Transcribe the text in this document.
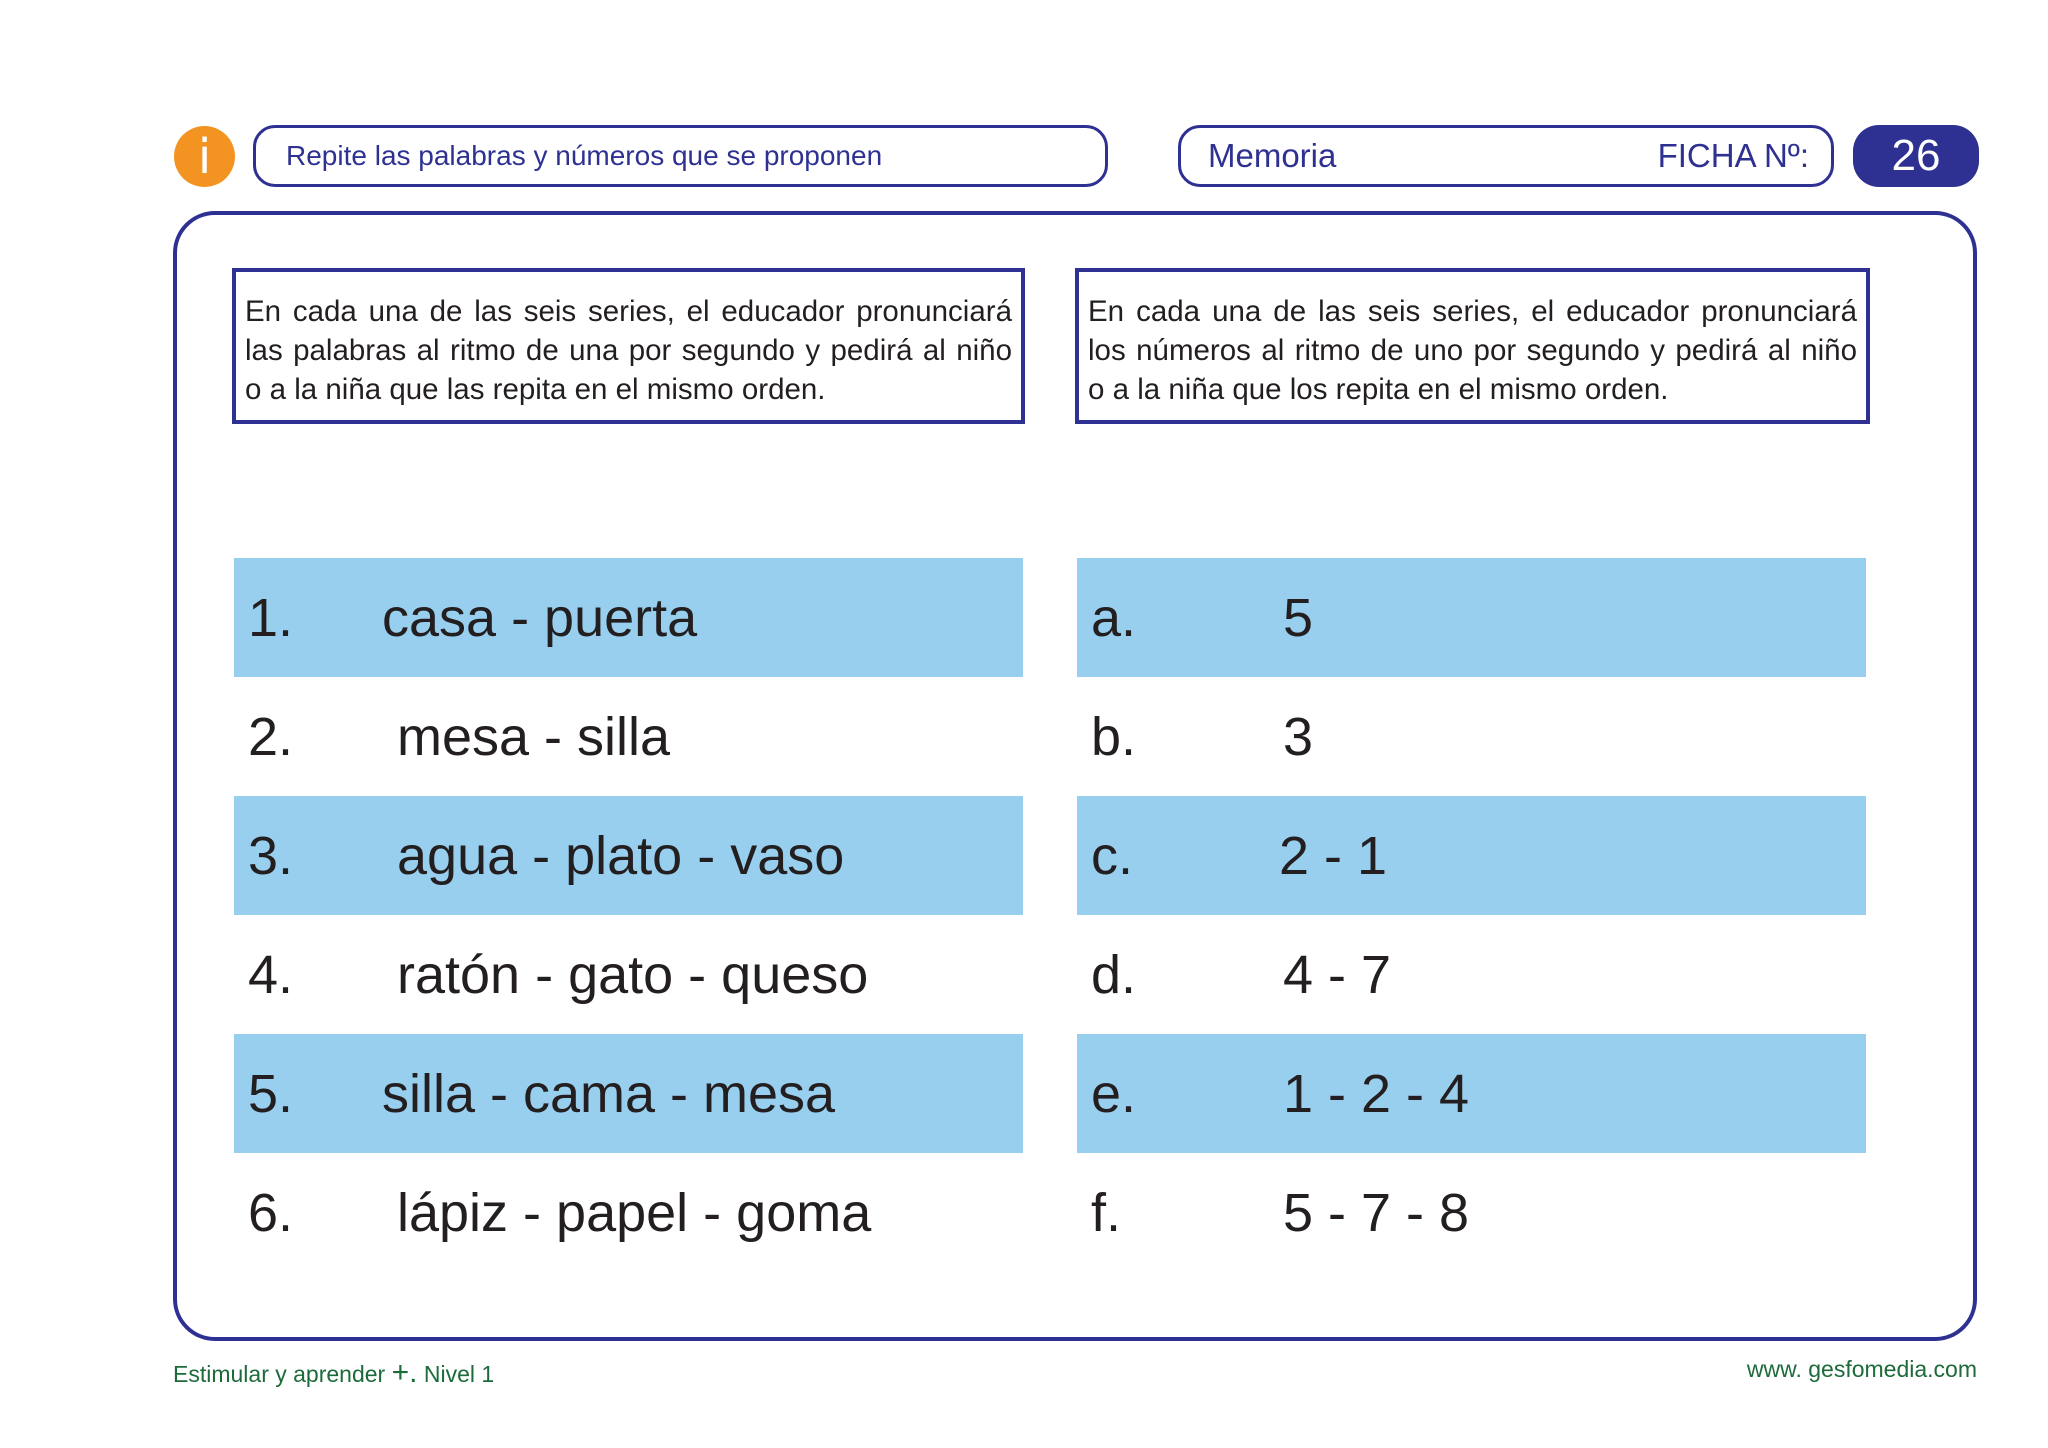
i	Repite las palabras y números que se proponen	Memoria	FICHA Nº:	26
En cada una de las seis series, el educador pronunciará las palabras al ritmo de una por segundo y pedirá al niño o a la niña que las repita en el mismo orden.
En cada una de las seis series, el educador pronunciará los números al ritmo de uno por segundo y pedirá al niño o a la niña que los repita en el mismo orden.
1. casa - puerta
2. mesa - silla
3. agua - plato - vaso
4. ratón - gato - queso
5. silla - cama - mesa
6. lápiz - papel - goma
a.	5
b.	3
c.	2 - 1
d.	4 - 7
e.	1 - 2 - 4
f.	5 - 7 - 8
Estimular y aprender +. Nivel 1	www. gesfomedia.com
